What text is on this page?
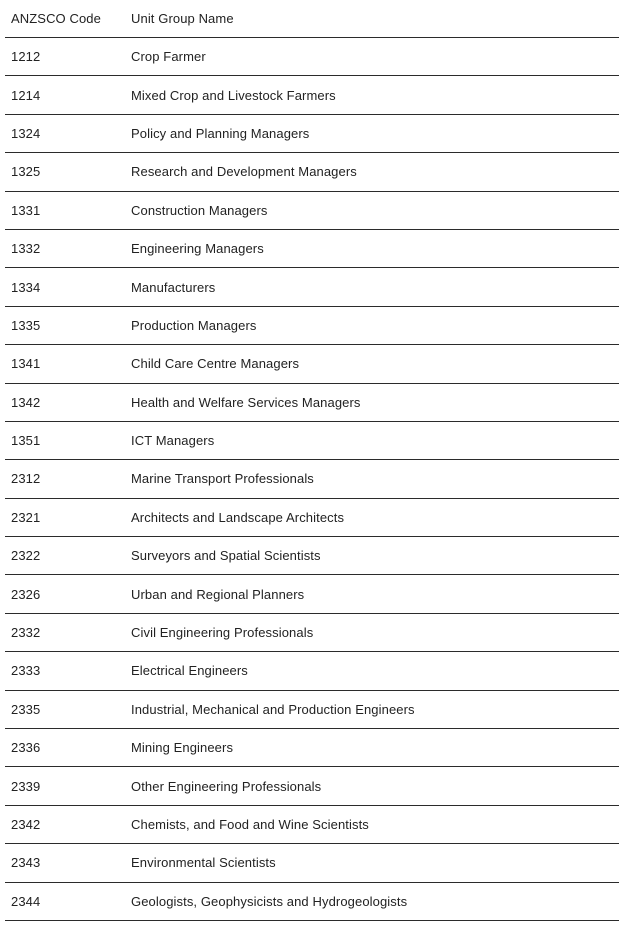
ANZSCO Code	Unit Group Name
1212	Crop Farmer
1214	Mixed Crop and Livestock Farmers
1324	Policy and Planning Managers
1325	Research and Development Managers
1331	Construction Managers
1332	Engineering Managers
1334	Manufacturers
1335	Production Managers
1341	Child Care Centre Managers
1342	Health and Welfare Services Managers
1351	ICT Managers
2312	Marine Transport Professionals
2321	Architects and Landscape Architects
2322	Surveyors and Spatial Scientists
2326	Urban and Regional Planners
2332	Civil Engineering Professionals
2333	Electrical Engineers
2335	Industrial, Mechanical and Production Engineers
2336	Mining Engineers
2339	Other Engineering Professionals
2342	Chemists, and Food and Wine Scientists
2343	Environmental Scientists
2344	Geologists, Geophysicists and Hydrogeologists
